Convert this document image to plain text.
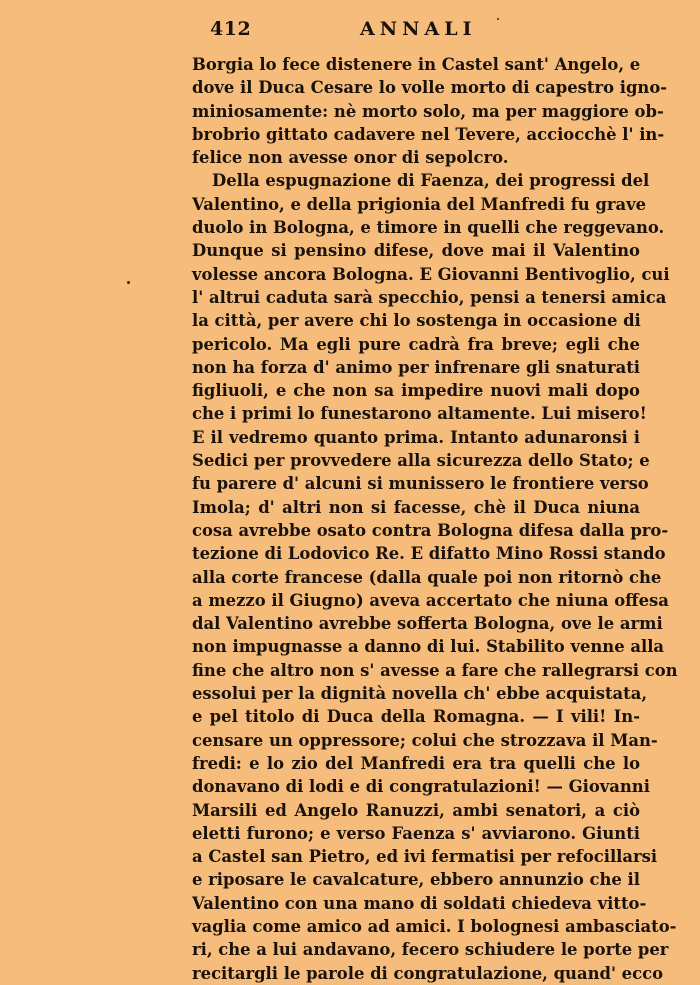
412	ANNALI
Borgia lo fece distenere in Castel sant' Angelo, e
dove il Duca Cesare lo volle morto di capestro igno-
miniosamente: nè morto solo, ma per maggiore ob-
brobrio gittato cadavere nel Tevere, acciocchè l' in-
felice non avesse onor di sepolcro.
Della espugnazione di Faenza, dei progressi del
Valentino, e della prigionia del Manfredi fu grave
duolo in Bologna, e timore in quelli che reggevano.
Dunque si pensino difese, dove mai il Valentino
volesse ancora Bologna. E Giovanni Bentivoglio, cui
l' altrui caduta sarà specchio, pensi a tenersi amica
la città, per avere chi lo sostenga in occasione di
pericolo. Ma egli pure cadrà fra breve; egli che
non ha forza d' animo per infrenare gli snaturati
figliuoli, e che non sa impedire nuovi mali dopo
che i primi lo funestarono altamente. Lui misero!
E il vedremo quanto prima. Intanto adunaronsi i
Sedici per provvedere alla sicurezza dello Stato; e
fu parere d' alcuni si munissero le frontiere verso
Imola; d' altri non si facesse, chè il Duca niuna
cosa avrebbe osato contra Bologna difesa dalla pro-
tezione di Lodovico Re. E difatto Mino Rossi stando
alla corte francese (dalla quale poi non ritornò che
a mezzo il Giugno) aveva accertato che niuna offesa
dal Valentino avrebbe sofferta Bologna, ove le armi
non impugnasse a danno di lui. Stabilito venne alla
fine che altro non s' avesse a fare che rallegrarsi con
essolui per la dignità novella ch' ebbe acquistata,
e pel titolo di Duca della Romagna. — I vili! In-
censare un oppressore; colui che strozzava il Man-
fredi: e lo zio del Manfredi era tra quelli che lo
donavano di lodi e di congratulazioni! — Giovanni
Marsili ed Angelo Ranuzzi, ambi senatori, a ciò
eletti furono; e verso Faenza s' avviarono. Giunti
a Castel san Pietro, ed ivi fermatisi per refocillarsi
e riposare le cavalcature, ebbero annunzio che il
Valentino con una mano di soldati chiedeva vitto-
vaglia come amico ad amici. I bolognesi ambasciato-
ri, che a lui andavano, fecero schiudere le porte per
recitargli le parole di congratulazione, quand' ecco
